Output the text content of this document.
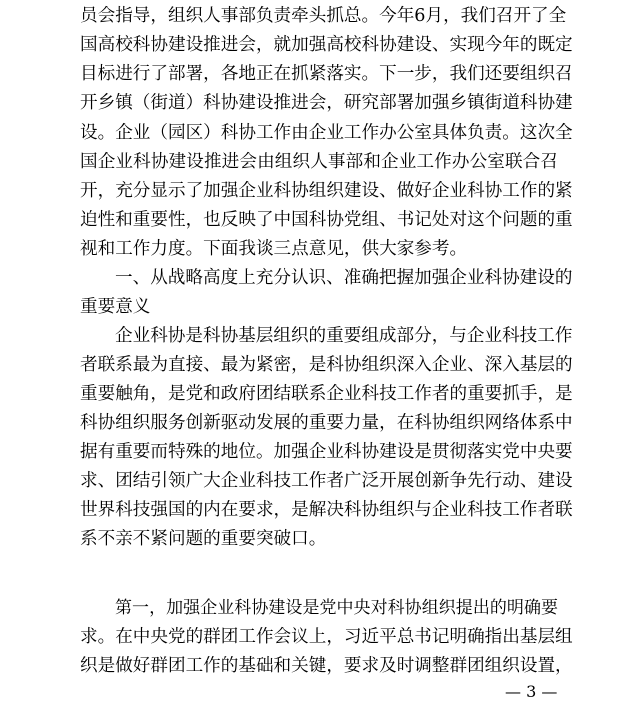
员会指导，组织人事部负责牵头抓总。今年6月，我们召开了全
国高校科协建设推进会，就加强高校科协建设、实现今年的既定
目标进行了部署，各地正在抓紧落实。下一步，我们还要组织召
开乡镇（街道）科协建设推进会，研究部署加强乡镇街道科协建
设。企业（园区）科协工作由企业工作办公室具体负责。这次全
国企业科协建设推进会由组织人事部和企业工作办公室联合召
开，充分显示了加强企业科协组织建设、做好企业科协工作的紧
迫性和重要性，也反映了中国科协党组、书记处对这个问题的重
视和工作力度。下面我谈三点意见，供大家参考。
一、从战略高度上充分认识、准确把握加强企业科协建设的
重要意义
企业科协是科协基层组织的重要组成部分，与企业科技工作
者联系最为直接、最为紧密，是科协组织深入企业、深入基层的
重要触角，是党和政府团结联系企业科技工作者的重要抓手，是
科协组织服务创新驱动发展的重要力量，在科协组织网络体系中
据有重要而特殊的地位。加强企业科协建设是贯彻落实党中央要
求、团结引领广大企业科技工作者广泛开展创新争先行动、建设
世界科技强国的内在要求，是解决科协组织与企业科技工作者联
系不亲不紧问题的重要突破口。
第一，加强企业科协建设是党中央对科协组织提出的明确要
求。在中央党的群团工作会议上，习近平总书记明确指出基层组
织是做好群团工作的基础和关键，要求及时调整群团组织设置，
— 3 —
